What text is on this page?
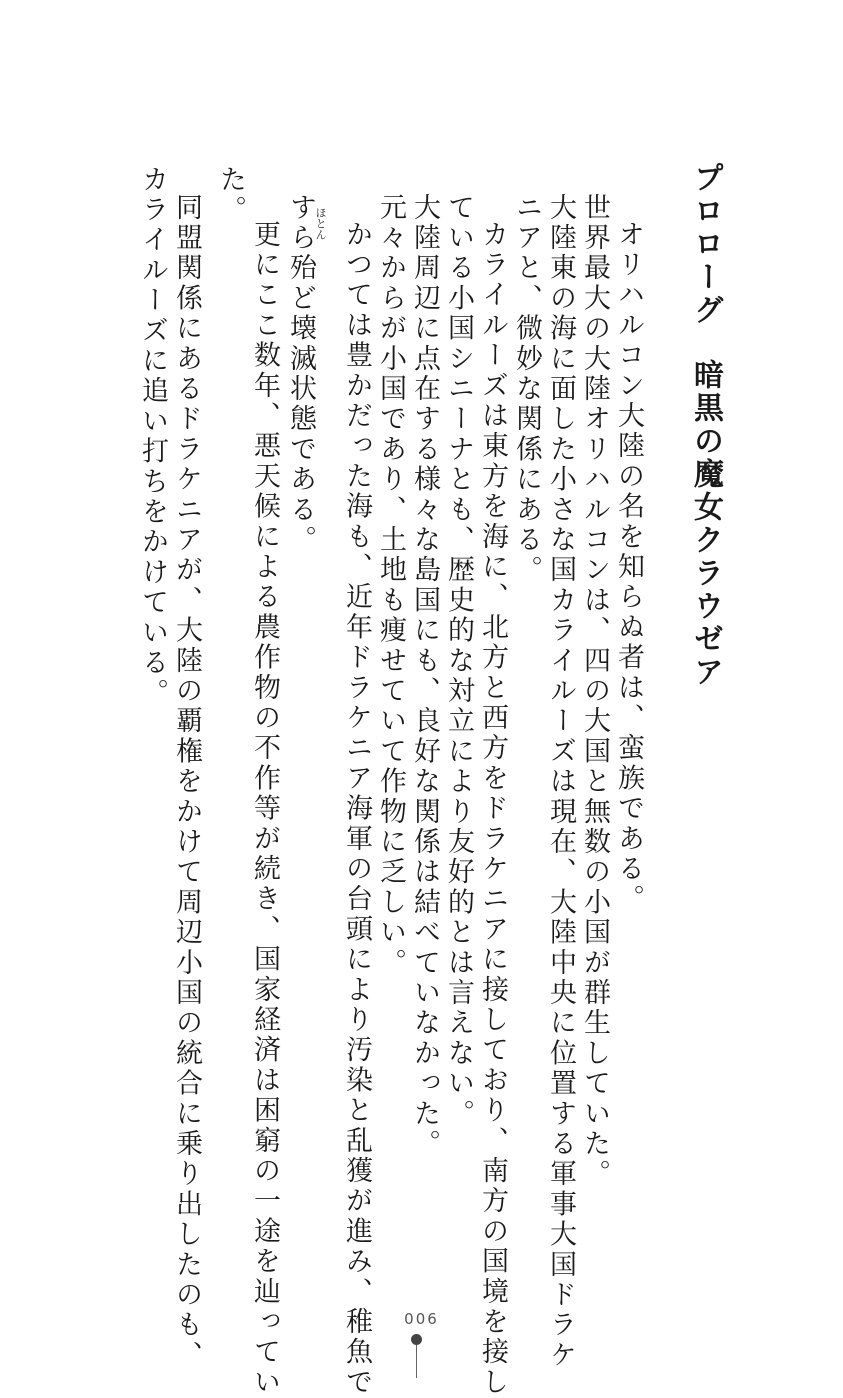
プロローグ暗黒の魔女クラウゼア
オリハルコン大陸の名を知らぬ者は、蛮族である。
世界最大の大陸オリハルコンは、四の大国と無数の小国が群生していた。
大陸東の海に面した小さな国カライルーズは現在、大陸中央に位置する軍事大国ドラケ
ニアと、微妙な関係にある。
カライルーズは東方を海に、北方と西方をドラケニアに接しており、南方の国境を接し
ている小国シニーナとも、歴史的な対立により友好的とは言えない。
大陸周辺に点在する様々な島国にも、良好な関係は結べていなかった。
元々からが小国であり、土地も痩せていて作物に乏しい。
かつては豊かだった海も、近年ドラケニア海軍の台頭により汚染と乱獲が進み、稚魚で
すら殆ど壊滅状態である。
ほとん
更にここ数年、悪天候による農作物の不作等が続き、国家経済は困窮の一途を辿ってい
た。
同盟関係にあるドラケニアが、大陸の覇権をかけて周辺小国の統合に乗り出したのも、
カライルーズに追い打ちをかけている。
006
